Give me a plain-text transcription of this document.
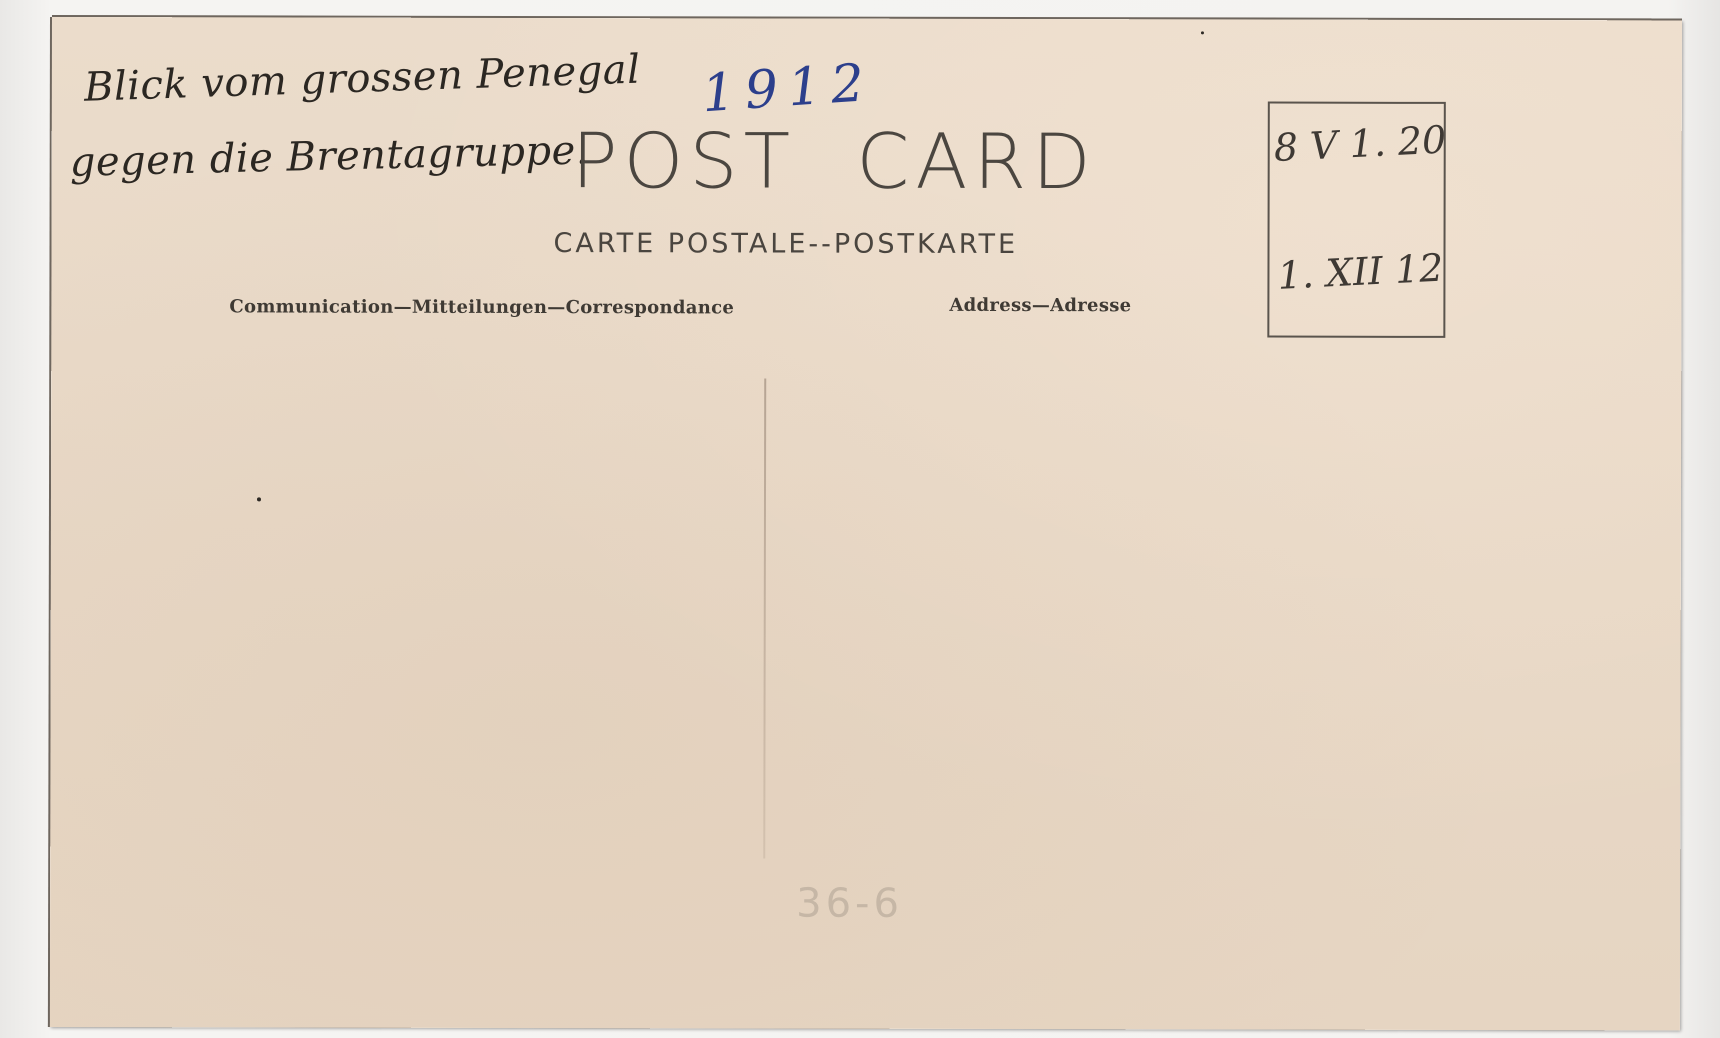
Blick vom grossen Penegal
gegen die Brentagruppe.
POST  CARD
1912
CARTE POSTALE--POSTKARTE
Communication—Mitteilungen—Correspondance	Address—Adresse
8 V 1. 20
1. XII 12
36-6
